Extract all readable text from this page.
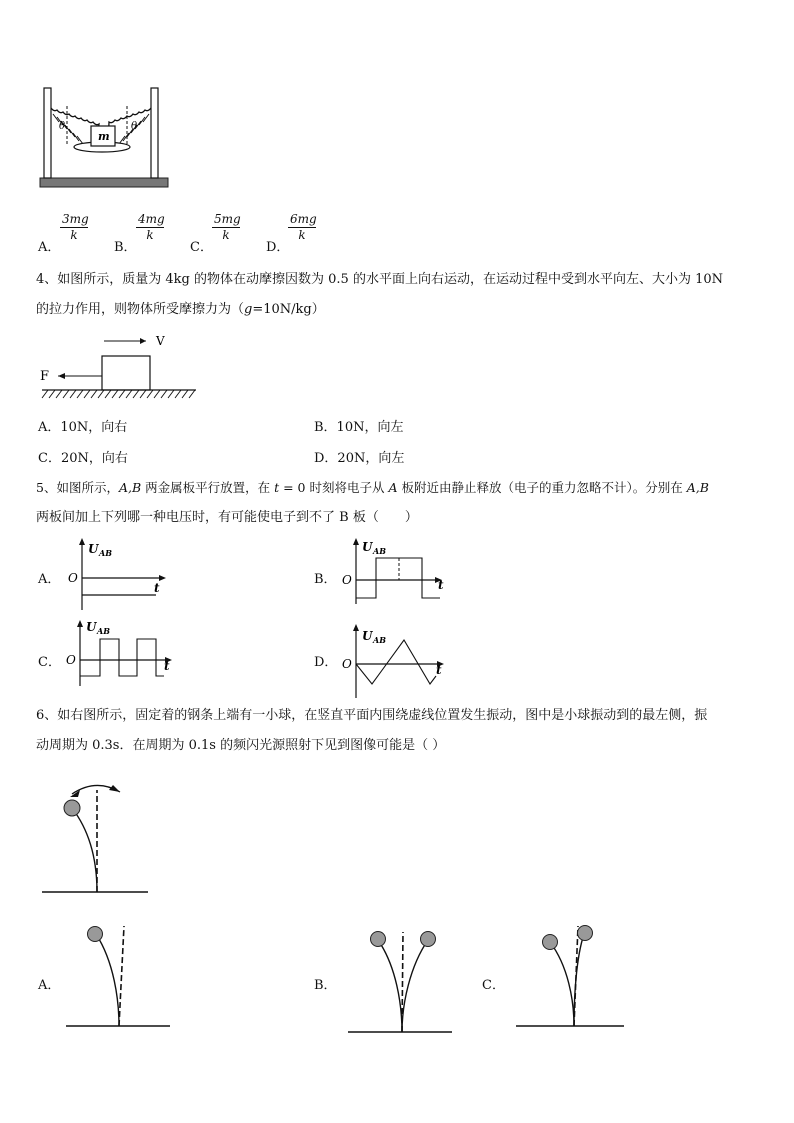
m
θ	θ
A．
$\frac{3mg}{k}$
B．
$\frac{4mg}{k}$
C．
$\frac{5mg}{k}$
D．
$\frac{6mg}{k}$
4、如图所示，质量为 4kg 的物体在动摩擦因数为 0.5 的水平面上向右运动，在运动过程中受到水平向左、大小为 10N
的拉力作用，则物体所受摩擦力为（g=10N/kg）
V
F
A．10N，向右	B．10N，向左
C．20N，向右	D．20N，向左
5、如图所示，A,B 两金属板平行放置，在 t = 0 时刻将电子从 A 板附近由静止释放（电子的重力忽略不计）。分别在 A,B
两板间加上下列哪一种电压时，有可能使电子到不了 B 板（　　）
A．
U AB
O
t
B．
U AB
O	t
C．
U AB
O	t	D．
U AB
O	t
6、如右图所示，固定着的钢条上端有一小球，在竖直平面内围绕虚线位置发生振动，图中是小球振动到的最左侧，振
动周期为 0.3s．在周期为 0.1s 的频闪光源照射下见到图像可能是（ ）
A．	B．	C．
